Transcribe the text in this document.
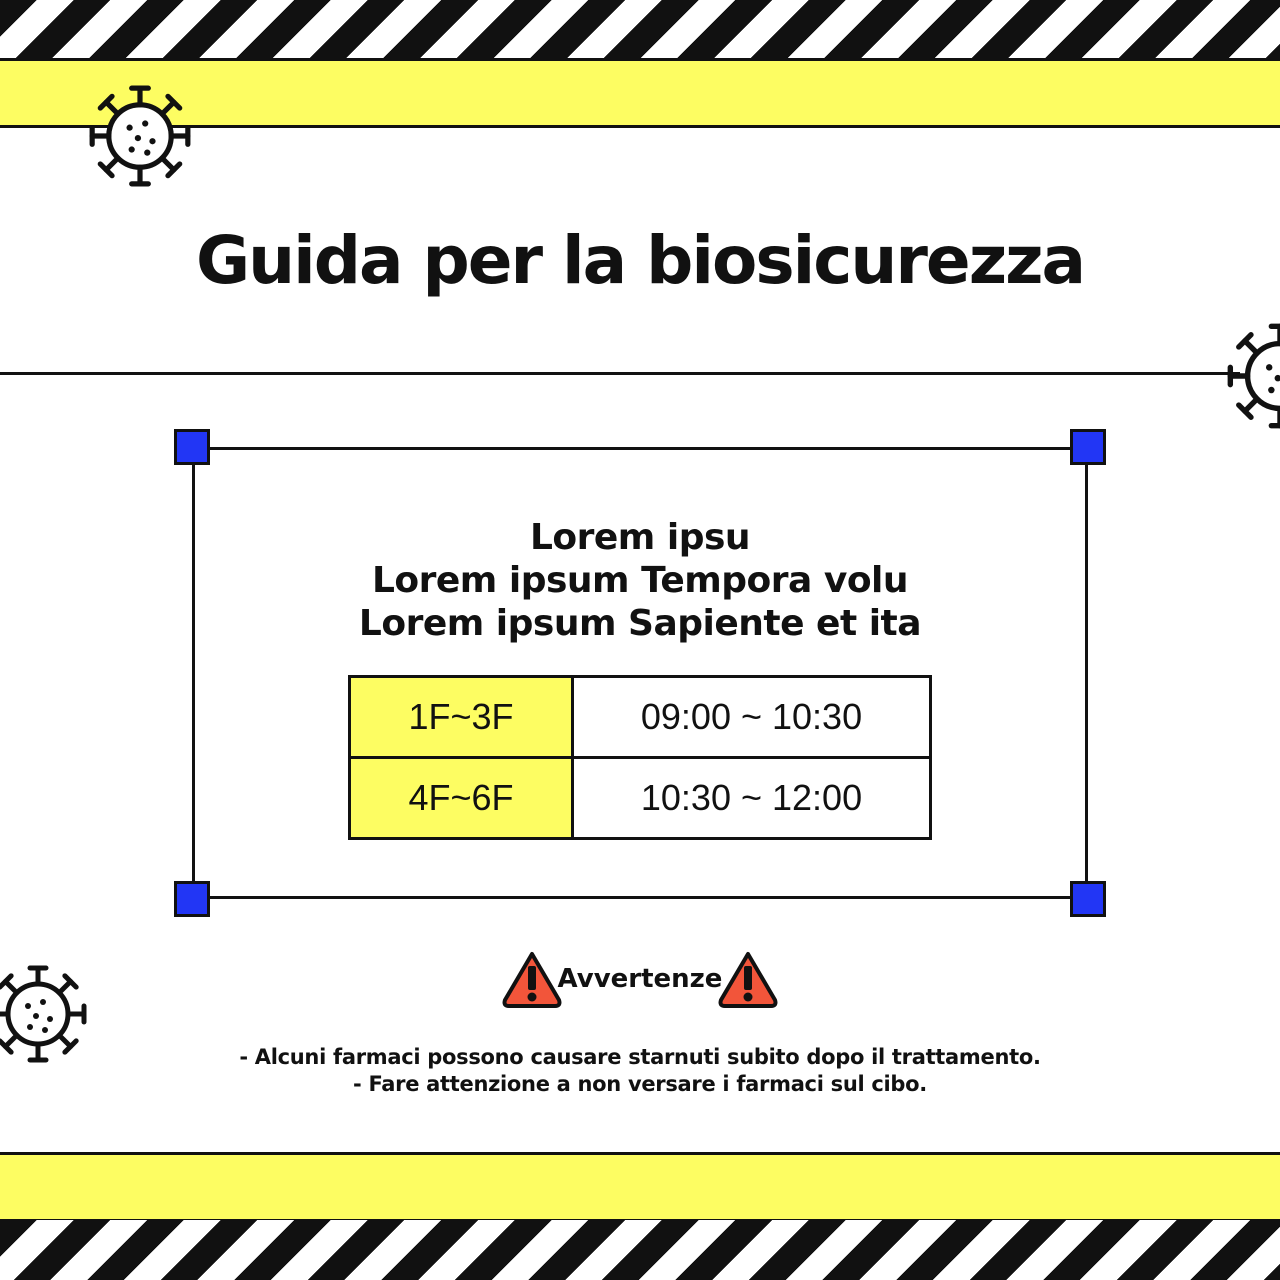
Guida per la biosicurezza
Lorem ipsu
Lorem ipsum Tempora volu
Lorem ipsum Sapiente et ita
1F~3F	09:00 ~ 10:30
4F~6F	10:30 ~ 12:00
Avvertenze
- Alcuni farmaci possono causare starnuti subito dopo il trattamento.
- Fare attenzione a non versare i farmaci sul cibo.
